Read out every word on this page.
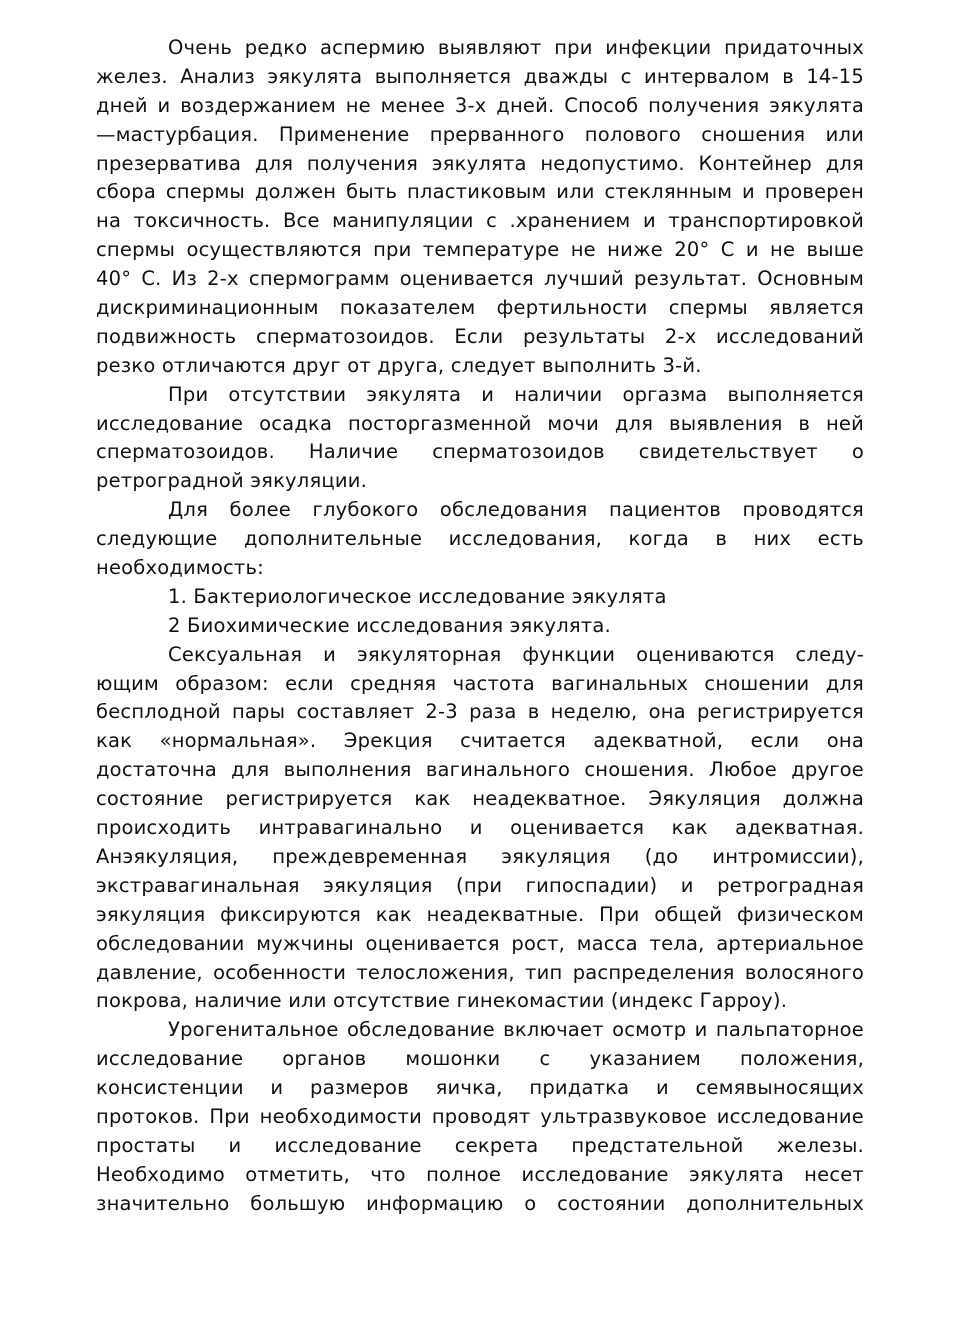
Очень редко аспермию выявляют при инфекции придаточных
желез. Анализ эякулята выполняется дважды с интервалом в 14-15
дней и воздержанием не менее 3-х дней. Способ получения эякулята
—мастурбация. Применение прерванного полового сношения или
презерватива для получения эякулята недопустимо. Контейнер для
сбора спермы должен быть пластиковым или стеклянным и проверен
на токсичность. Все манипуляции с .хранением и транспортировкой
спермы осуществляются при температуре не ниже 20° С и не выше
40° С. Из 2-х спермограмм оценивается лучший результат. Основным
дискриминационным показателем фертильности спермы является
подвижность сперматозоидов. Если результаты 2-х исследований
резко отличаются друг от друга, следует выполнить 3-й.
При отсутствии эякулята и наличии оргазма выполняется
исследование осадка посторгазменной мочи для выявления в ней
сперматозоидов. Наличие сперматозоидов свидетельствует о
ретроградной эякуляции.
Для более глубокого обследования пациентов проводятся
следующие дополнительные исследования, когда в них есть
необходимость:
1. Бактериологическое исследование эякулята
2 Биохимические исследования эякулята.
Сексуальная и эякуляторная функции оцениваются следу-
ющим образом: если средняя частота вагинальных сношении для
бесплодной пары составляет 2-3 раза в неделю, она регистрируется
как «нормальная». Эрекция считается адекватной, если она
достаточна для выполнения вагинального сношения. Любое другое
состояние регистрируется как неадекватное. Эякуляция должна
происходить интравагинально и оценивается как адекватная.
Анэякуляция, преждевременная эякуляция (до интромиссии),
экстравагинальная эякуляция (при гипоспадии) и ретроградная
эякуляция фиксируются как неадекватные. При общей физическом
обследовании мужчины оценивается рост, масса тела, артериальное
давление, особенности телосложения, тип распределения волосяного
покрова, наличие или отсутствие гинекомастии (индекс Гарроу).
Урогенитальное обследование включает осмотр и пальпаторное
исследование органов мошонки с указанием положения,
консистенции и размеров яичка, придатка и семявыносящих
протоков. При необходимости проводят ультразвуковое исследование
простаты и исследование секрета предстательной железы.
Необходимо отметить, что полное исследование эякулята несет
значительно большую информацию о состоянии дополнительных
